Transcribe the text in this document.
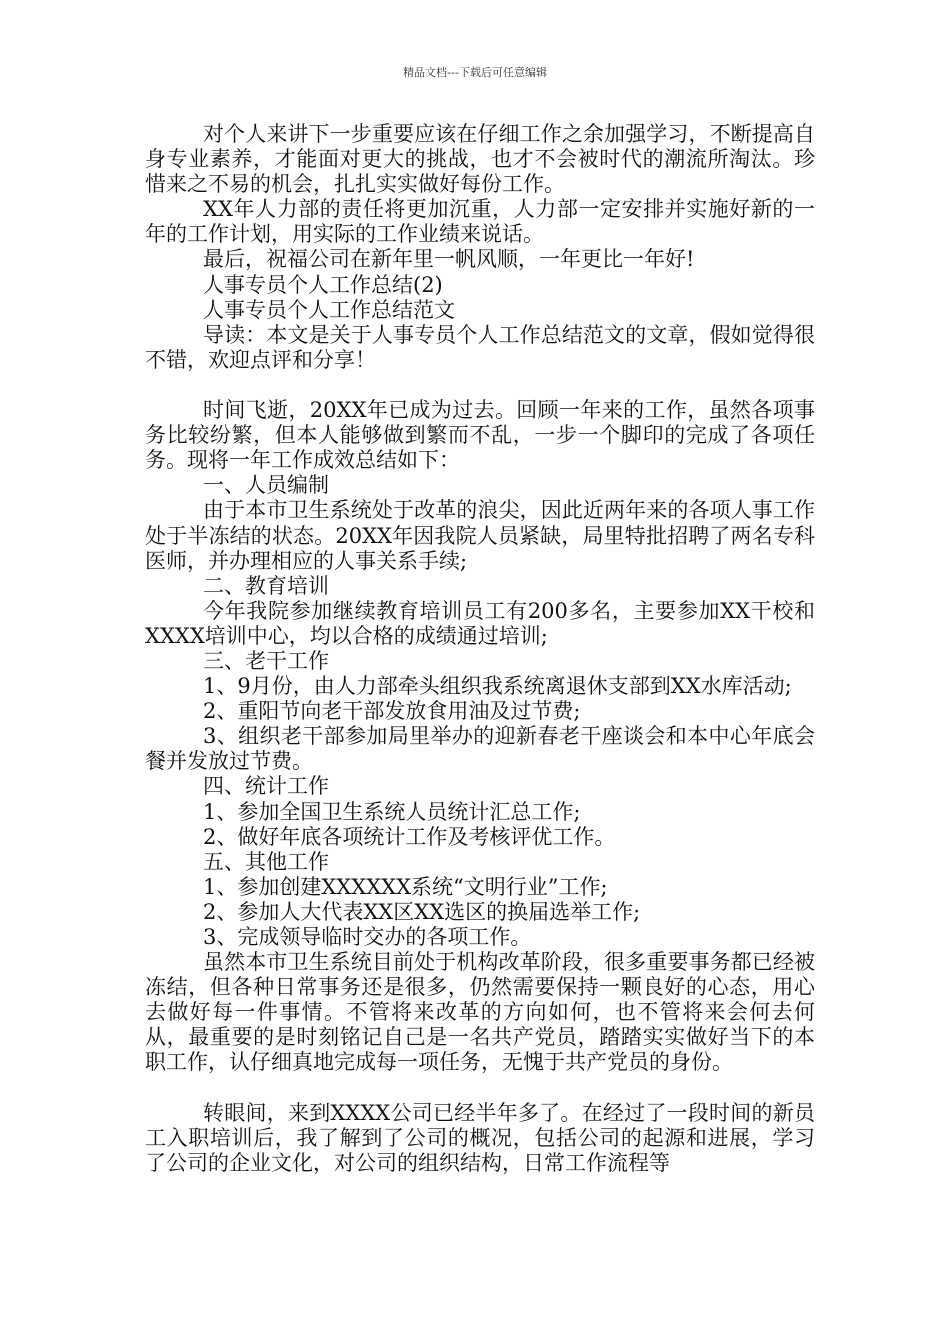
精品文档---下载后可任意编辑

对个人来讲下一步重要应该在仔细工作之余加强学习，不断提高自身专业素养，才能面对更大的挑战，也才不会被时代的潮流所淘汰。珍惜来之不易的机会，扎扎实实做好每份工作。

XX年人力部的责任将更加沉重，人力部一定安排并实施好新的一年的工作计划，用实际的工作业绩来说话。

最后，祝福公司在新年里一帆风顺，一年更比一年好!

人事专员个人工作总结(2)

人事专员个人工作总结范文

导读：本文是关于人事专员个人工作总结范文的文章，假如觉得很不错，欢迎点评和分享！

时间飞逝，20XX年已成为过去。回顾一年来的工作，虽然各项事务比较纷繁，但本人能够做到繁而不乱，一步一个脚印的完成了各项任务。现将一年工作成效总结如下：

一、人员编制

由于本市卫生系统处于改革的浪尖，因此近两年来的各项人事工作处于半冻结的状态。20XX年因我院人员紧缺，局里特批招聘了两名专科医师，并办理相应的人事关系手续;

二、教育培训

今年我院参加继续教育培训员工有200多名，主要参加XX干校和XXXX培训中心，均以合格的成绩通过培训;

三、老干工作

1、9月份，由人力部牵头组织我系统离退休支部到XX水库活动;

2、重阳节向老干部发放食用油及过节费;

3、组织老干部参加局里举办的迎新春老干座谈会和本中心年底会餐并发放过节费。

四、统计工作

1、参加全国卫生系统人员统计汇总工作;

2、做好年底各项统计工作及考核评优工作。

五、其他工作

1、参加创建XXXXXX系统“文明行业”工作;

2、参加人大代表XX区XX选区的换届选举工作;

3、完成领导临时交办的各项工作。

虽然本市卫生系统目前处于机构改革阶段，很多重要事务都已经被冻结，但各种日常事务还是很多，仍然需要保持一颗良好的心态，用心去做好每一件事情。不管将来改革的方向如何，也不管将来会何去何从，最重要的是时刻铭记自己是一名共产党员，踏踏实实做好当下的本职工作，认仔细真地完成每一项任务，无愧于共产党员的身份。

转眼间，来到XXXX公司已经半年多了。在经过了一段时间的新员工入职培训后，我了解到了公司的概况，包括公司的起源和进展，学习了公司的企业文化，对公司的组织结构，日常工作流程等
